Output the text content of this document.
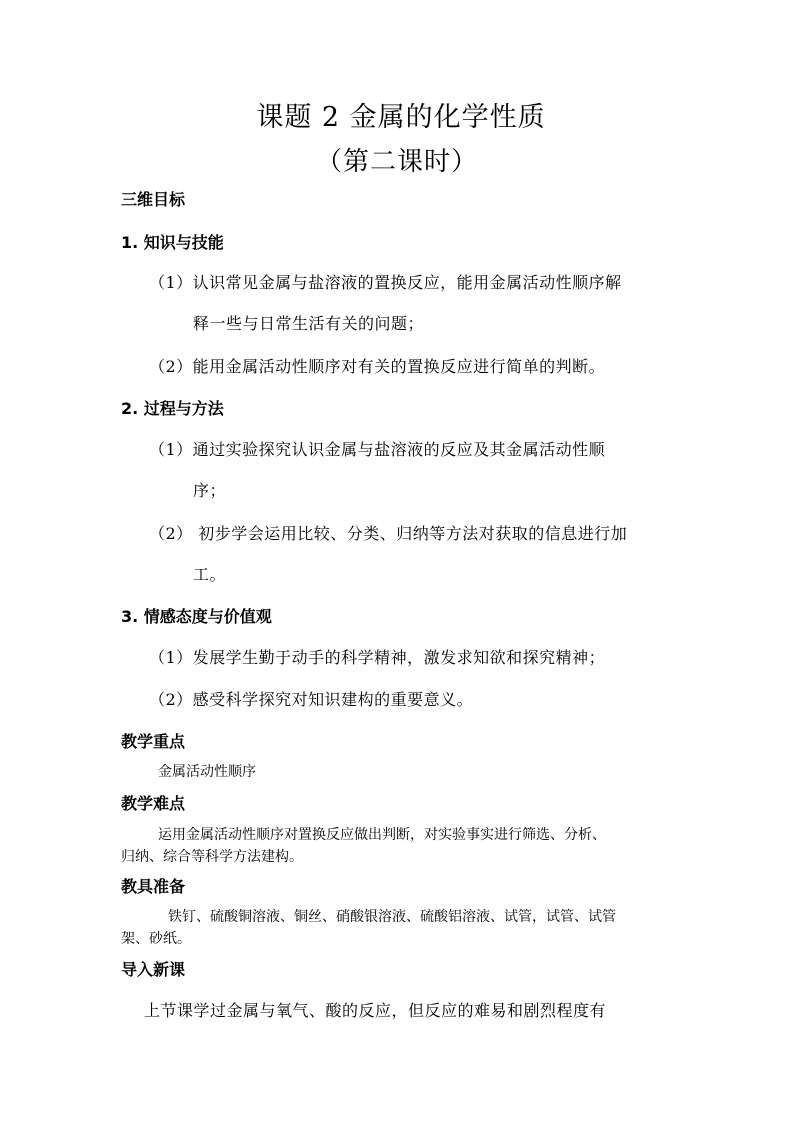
课题 2 金属的化学性质
（第二课时）
三维目标
1. 知识与技能
（1）认识常见金属与盐溶液的置换反应，能用金属活动性顺序解
释一些与日常生活有关的问题；
（2）能用金属活动性顺序对有关的置换反应进行简单的判断。
2. 过程与方法
（1）通过实验探究认识金属与盐溶液的反应及其金属活动性顺
序；
（2） 初步学会运用比较、分类、归纳等方法对获取的信息进行加
工。
3. 情感态度与价值观
（1）发展学生勤于动手的科学精神，激发求知欲和探究精神；
（2）感受科学探究对知识建构的重要意义。
教学重点
金属活动性顺序
教学难点
运用金属活动性顺序对置换反应做出判断，对实验事实进行筛选、分析、
归纳、综合等科学方法建构。
教具准备
铁钉、硫酸铜溶液、铜丝、硝酸银溶液、硫酸铝溶液、试管，试管、试管
架、砂纸。
导入新课
上节课学过金属与氧气、酸的反应，但反应的难易和剧烈程度有
